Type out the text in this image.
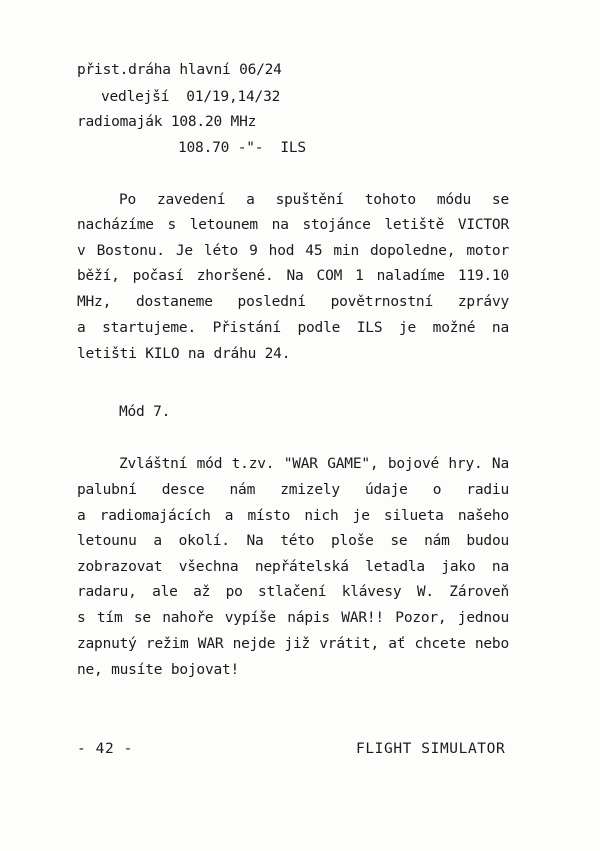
přist.dráha hlavní 06/24
vedlejší  01/19,14/32
radiomaják 108.20 MHz
108.70 -"-  ILS
Po zavedení a spuštění tohoto módu se
nacházíme s letounem na stojánce letiště VICTOR
v Bostonu. Je léto 9 hod 45 min dopoledne, motor
běží, počasí zhoršené. Na COM 1 naladíme 119.10
MHz, dostaneme poslední povětrnostní zprávy
a startujeme. Přistání podle ILS je možné na
letišti KILO na dráhu 24.
Mód 7.
Zvláštní mód t.zv. "WAR GAME", bojové hry. Na
palubní desce nám zmizely údaje o radiu
a radiomajácích a místo nich je silueta našeho
letounu a okolí. Na této ploše se nám budou
zobrazovat všechna nepřátelská letadla jako na
radaru, ale až po stlačení klávesy W. Zároveň
s tím se nahoře vypíše nápis WAR!! Pozor, jednou
zapnutý režim WAR nejde již vrátit, ať chcete nebo
ne, musíte bojovat!
- 42 -	FLIGHT SIMULATOR
